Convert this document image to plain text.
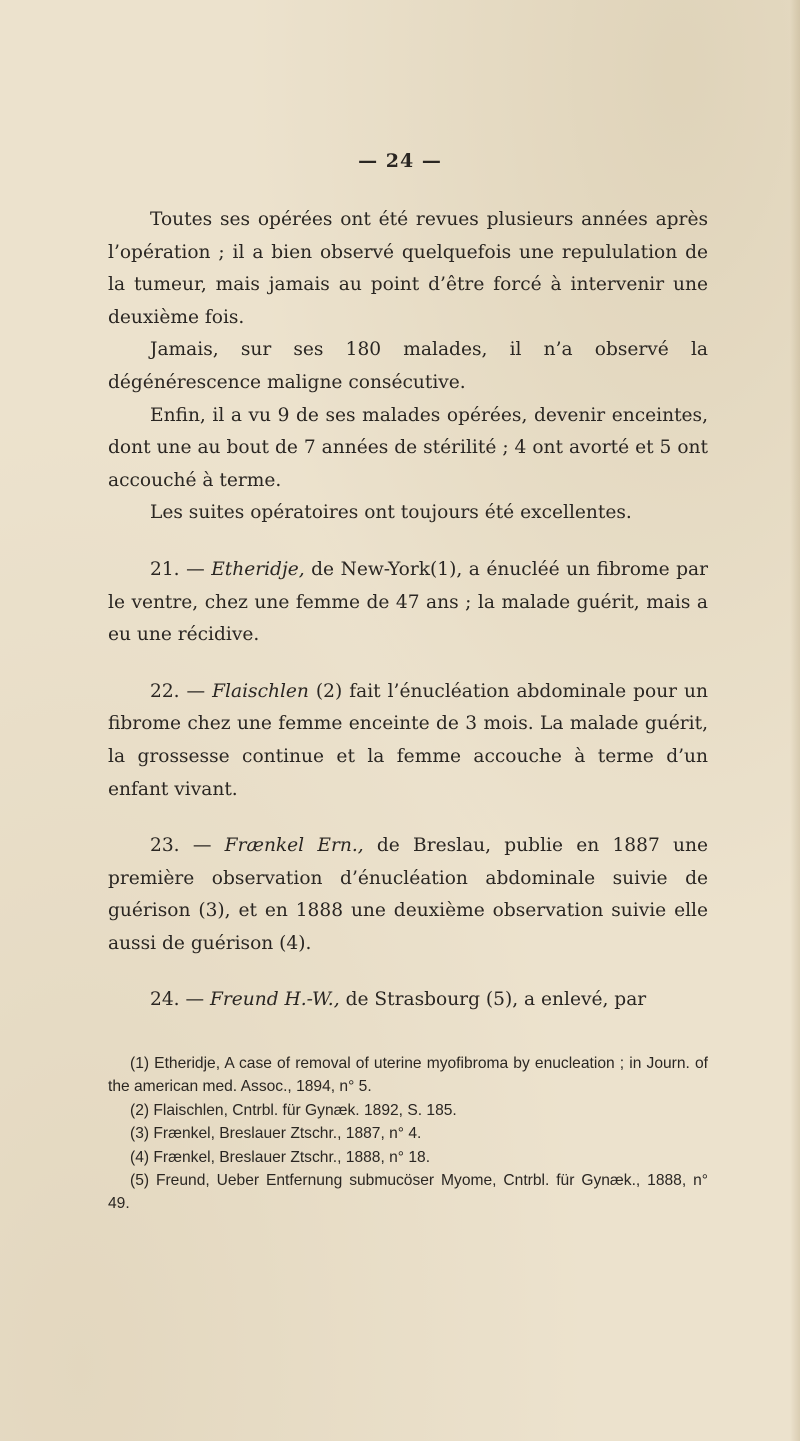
— 24 —

Toutes ses opérées ont été revues plusieurs années après l’opération ; il a bien observé quelquefois une repululation de la tumeur, mais jamais au point d’être forcé à intervenir une deuxième fois.

Jamais, sur ses 180 malades, il n’a observé la dégénérescence maligne consécutive.

Enfin, il a vu 9 de ses malades opérées, devenir enceintes, dont une au bout de 7 années de stérilité ; 4 ont avorté et 5 ont accouché à terme.

Les suites opératoires ont toujours été excellentes.

21. — Etheridje, de New-York(1), a énucléé un fibrome par le ventre, chez une femme de 47 ans ; la malade guérit, mais a eu une récidive.

22. — Flaischlen (2) fait l’énucléation abdominale pour un fibrome chez une femme enceinte de 3 mois. La malade guérit, la grossesse continue et la femme accouche à terme d’un enfant vivant.

23. — Frænkel Ern., de Breslau, publie en 1887 une première observation d’énucléation abdominale suivie de guérison (3), et en 1888 une deuxième observation suivie elle aussi de guérison (4).

24. — Freund H.-W., de Strasbourg (5), a enlevé, par

(1) Etheridje, A case of removal of uterine myofibroma by enucleation ; in Journ. of the american med. Assoc., 1894, n° 5.

(2) Flaischlen, Cntrbl. für Gynæk. 1892, S. 185.

(3) Frænkel, Breslauer Ztschr., 1887, n° 4.

(4) Frænkel, Breslauer Ztschr., 1888, n° 18.

(5) Freund, Ueber Entfernung submucöser Myome, Cntrbl. für Gynæk., 1888, n° 49.
